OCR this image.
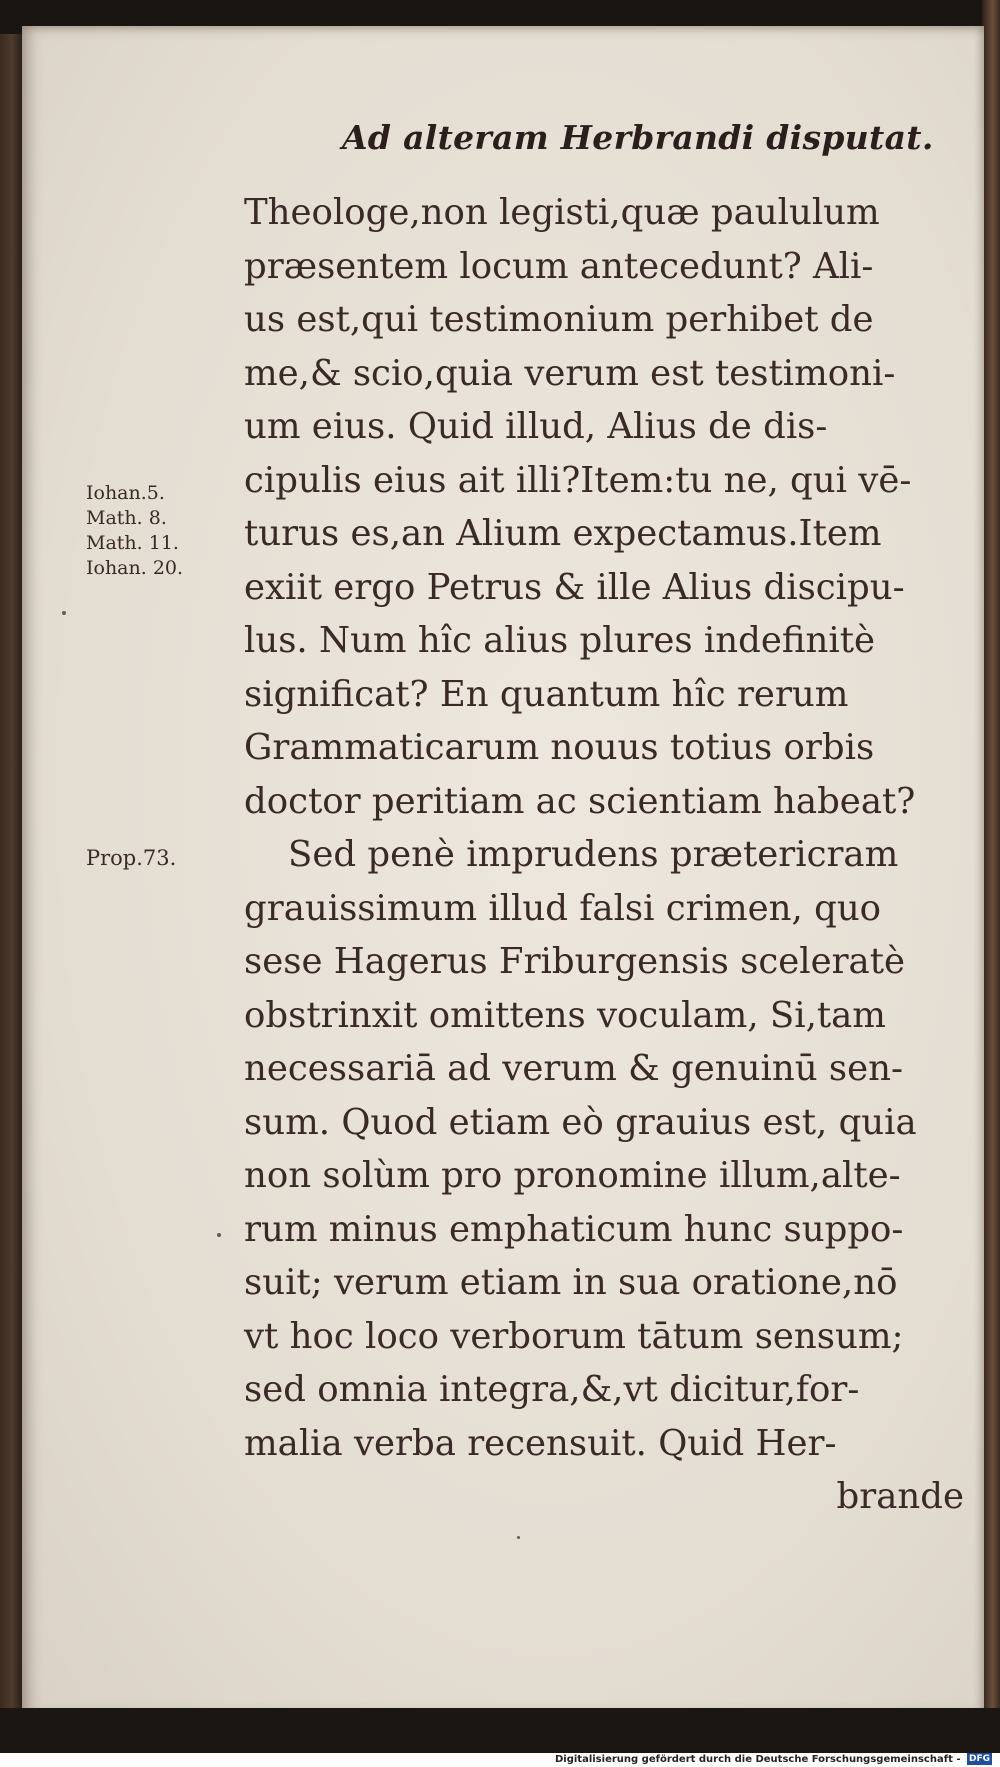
Ad alteram Herbrandi disputat.
Iohan.5.
Math. 8.
Math. 11.
Iohan. 20.
Prop.73.
Theologe,non legisti,quæ paululum
præsentem locum antecedunt? Ali-
us est,qui testimonium perhibet de
me,& scio,quia verum est testimoni-
um eius. Quid illud, Alius de dis-
cipulis eius ait illi?Item:tu ne, qui vē-
turus es,an Alium expectamus.Item
exiit ergo Petrus & ille Alius discipu-
lus. Num hîc alius plures indefinitè
significat? En quantum hîc rerum
Grammaticarum nouus totius orbis
doctor peritiam ac scientiam habeat?
Sed penè imprudens prætericram
grauissimum illud falsi crimen, quo
sese Hagerus Friburgensis sceleratè
obstrinxit omittens voculam, Si,tam
necessariā ad verum & genuinū sen-
sum. Quod etiam eò grauius est, quia
non solùm pro pronomine illum,alte-
rum minus emphaticum hunc suppo-
suit; verum etiam in sua oratione,nō
vt hoc loco verborum tātum sensum;
sed omnia integra,&,vt dicitur,for-
malia verba recensuit. Quid Her-
brande
Digitalisierung gefördert durch die Deutsche Forschungsgemeinschaft - DFG
